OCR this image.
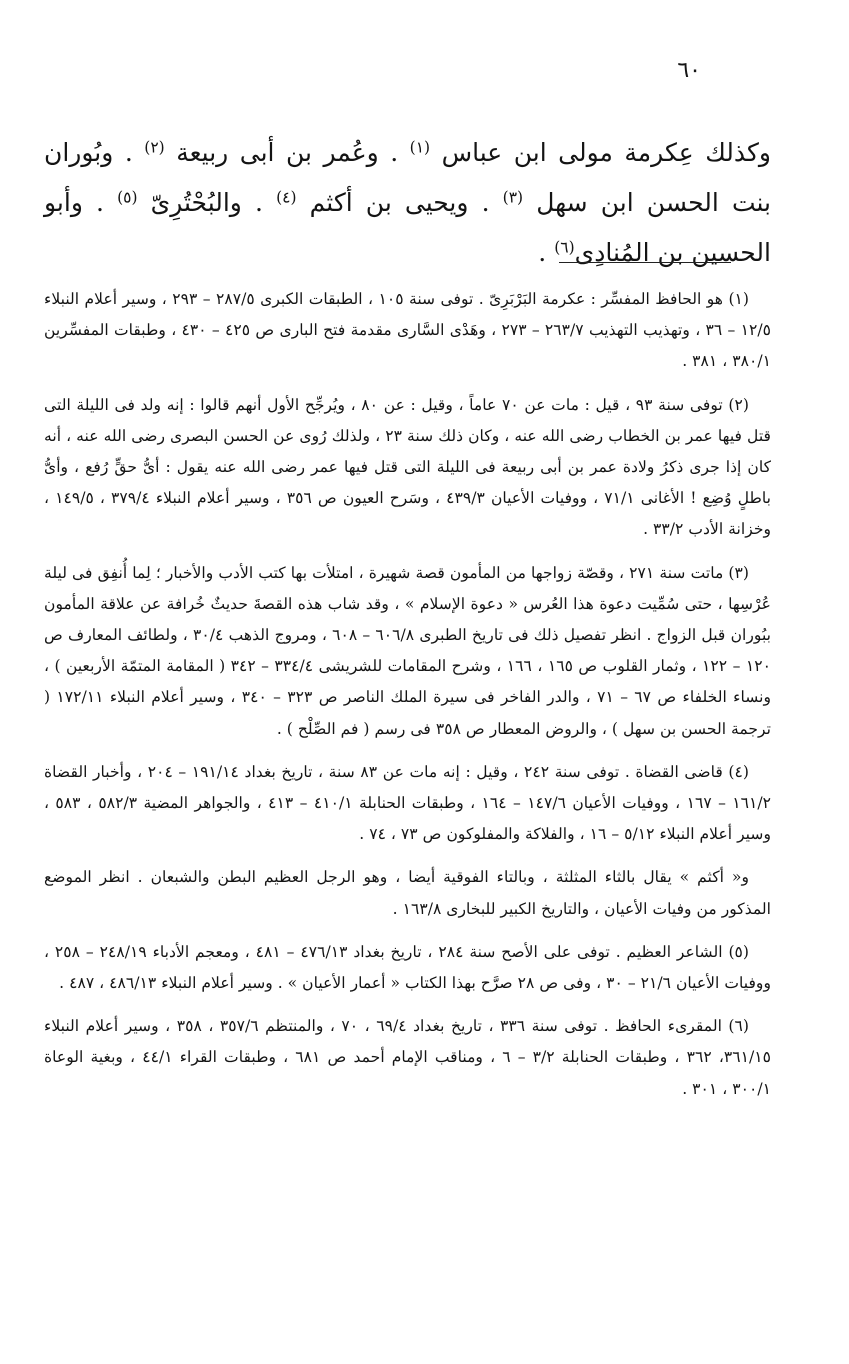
٦٠

وكذلك عِكرمة مولى ابن عباس $^{(١)}$ . وعُمر بن أبى ربيعة $^{(٢)}$ . وبُوران بنت الحسن ابن سهل $^{(٣)}$ . ويحيى بن أكثم $^{(٤)}$ . والبُحْتُرِىّ $^{(٥)}$ . وأبو الحسين بن المُنادِى$^{(٦)}$ .

(١) هو الحافظ المفسِّر : عكرمة البَرْبَرِىّ . توفى سنة ١٠٥ ، الطبقات الكبرى ٢٨٧/٥ – ٢٩٣ ، وسير أعلام النبلاء ١٢/٥ – ٣٦ ، وتهذيب التهذيب ٢٦٣/٧ – ٢٧٣ ، وهَدْى السَّارى مقدمة فتح البارى ص ٤٢٥ – ٤٣٠ ، وطبقات المفسِّرين ٣٨٠/١ ، ٣٨١ .

(٢) توفى سنة ٩٣ ، قيل : مات عن ٧٠ عاماً ، وقيل : عن ٨٠ ، ويُرجِّح الأول أنهم قالوا : إنه ولد فى الليلة التى قتل فيها عمر بن الخطاب رضى الله عنه ، وكان ذلك سنة ٢٣ ، ولذلك رُوى عن الحسن البصرى رضى الله عنه ، أنه كان إذا جرى ذكرُ ولادة عمر بن أبى ربيعة فى الليلة التى قتل فيها عمر رضى الله عنه يقول : أىُّ حقٍّ رُفع ، وأىُّ باطلٍ وُضِع ! الأغانى ٧١/١ ، ووفيات الأعيان ٤٣٩/٣ ، وسَرح العيون ص ٣٥٦ ، وسير أعلام النبلاء ٣٧٩/٤ ، ١٤٩/٥ ، وخزانة الأدب ٣٣/٢ .

(٣) ماتت سنة ٢٧١ ، وقصّة زواجها من المأمون قصة شهيرة ، امتلأت بها كتب الأدب والأخبار ؛ لِما أُنفِق فى ليلة عُرْسِها ، حتى سُمِّيت دعوة هذا العُرس « دعوة الإسلام » ، وقد شاب هذه القصةَ حديثٌ خُرافة عن علاقة المأمون ببُوران قبل الزواج . انظر تفصيل ذلك فى تاريخ الطبرى ٦٠٦/٨ – ٦٠٨ ، ومروج الذهب ٣٠/٤ ، ولطائف المعارف ص ١٢٠ – ١٢٢ ، وثمار القلوب ص ١٦٥ ، ١٦٦ ، وشرح المقامات للشريشى ٣٣٤/٤ – ٣٤٢ ( المقامة المتمّة الأربعين ) ، ونساء الخلفاء ص ٦٧ – ٧١ ، والدر الفاخر فى سيرة الملك الناصر ص ٣٢٣ – ٣٤٠ ، وسير أعلام النبلاء ١٧٢/١١ ( ترجمة الحسن بن سهل ) ، والروض المعطار ص ٣٥٨ فى رسم ( فم الصِّلْح ) .

(٤) قاضى القضاة . توفى سنة ٢٤٢ ، وقيل : إنه مات عن ٨٣ سنة ، تاريخ بغداد ١٩١/١٤ – ٢٠٤ ، وأخبار القضاة ١٦١/٢ – ١٦٧ ، ووفيات الأعيان ١٤٧/٦ – ١٦٤ ، وطبقات الحنابلة ٤١٠/١ – ٤١٣ ، والجواهر المضية ٥٨٢/٣ ، ٥٨٣ ، وسير أعلام النبلاء ٥/١٢ – ١٦ ، والفلاكة والمفلوكون ص ٧٣ ، ٧٤ .

و« أكثم » يقال بالثاء المثلثة ، وبالتاء الفوقية أيضا ، وهو الرجل العظيم البطن والشبعان . انظر الموضع المذكور من وفيات الأعيان ، والتاريخ الكبير للبخارى ١٦٣/٨ .

(٥) الشاعر العظيم . توفى على الأصح سنة ٢٨٤ ، تاريخ بغداد ٤٧٦/١٣ – ٤٨١ ، ومعجم الأدباء ٢٤٨/١٩ – ٢٥٨ ، ووفيات الأعيان ٢١/٦ – ٣٠ ، وفى ص ٢٨ صرَّح بهذا الكتاب « أعمار الأعيان » . وسير أعلام النبلاء ٤٨٦/١٣ ، ٤٨٧ .

(٦) المقرىء الحافظ . توفى سنة ٣٣٦ ، تاريخ بغداد ٦٩/٤ ، ٧٠ ، والمنتظم ٣٥٧/٦ ، ٣٥٨ ، وسير أعلام النبلاء ٣٦١/١٥، ٣٦٢ ، وطبقات الحنابلة ٣/٢ – ٦ ، ومناقب الإمام أحمد ص ٦٨١ ، وطبقات القراء ٤٤/١ ، وبغية الوعاة ٣٠٠/١ ، ٣٠١ .
